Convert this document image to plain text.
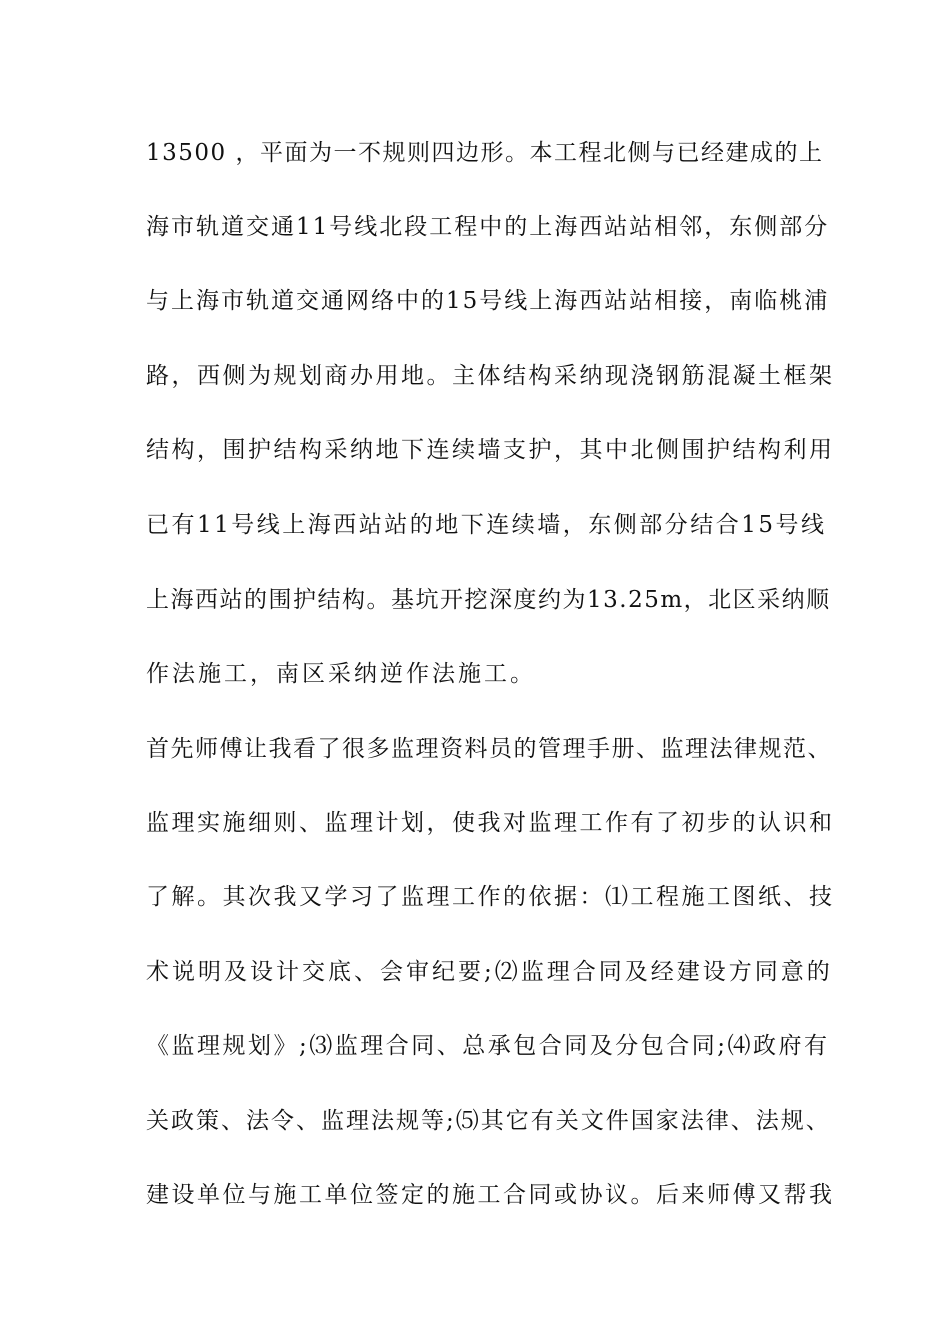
13500 ，平面为一不规则四边形。本工程北侧与已经建成的上
海市轨道交通11号线北段工程中的上海西站站相邻，东侧部分
与上海市轨道交通网络中的15号线上海西站站相接，南临桃浦
路，西侧为规划商办用地。主体结构采纳现浇钢筋混凝土框架
结构，围护结构采纳地下连续墙支护，其中北侧围护结构利用
已有11号线上海西站站的地下连续墙，东侧部分结合15号线
上海西站的围护结构。基坑开挖深度约为13.25m，北区采纳顺
作法施工，南区采纳逆作法施工。
首先师傅让我看了很多监理资料员的管理手册、监理法律规范、
监理实施细则、监理计划，使我对监理工作有了初步的认识和
了解。其次我又学习了监理工作的依据：⑴工程施工图纸、技
术说明及设计交底、会审纪要;⑵监理合同及经建设方同意的
《监理规划》;⑶监理合同、总承包合同及分包合同;⑷政府有
关政策、法令、监理法规等;⑸其它有关文件国家法律、法规、
建设单位与施工单位签定的施工合同或协议。后来师傅又帮我
